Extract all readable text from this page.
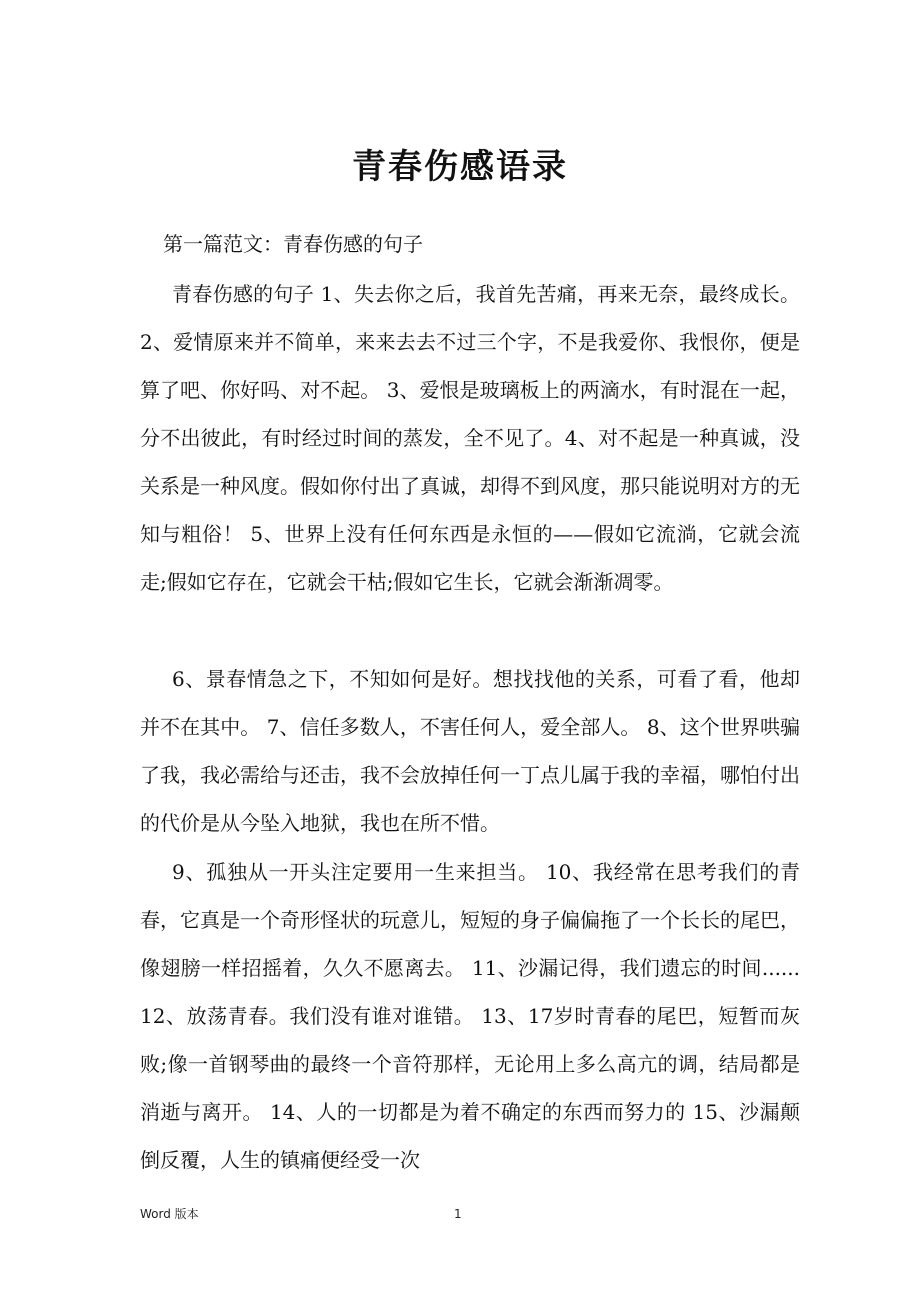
青春伤感语录

第一篇范文：青春伤感的句子

青春伤感的句子 1、失去你之后，我首先苦痛，再来无奈，最终成长。 2、爱情原来并不简单，来来去去不过三个字，不是我爱你、我恨你，便是算了吧、你好吗、对不起。 3、爱恨是玻璃板上的两滴水，有时混在一起，分不出彼此，有时经过时间的蒸发，全不见了。4、对不起是一种真诚，没关系是一种风度。假如你付出了真诚，却得不到风度，那只能说明对方的无知与粗俗！ 5、世界上没有任何东西是永恒的——假如它流淌，它就会流走;假如它存在，它就会干枯;假如它生长，它就会渐渐凋零。

6、景春情急之下，不知如何是好。想找找他的关系，可看了看，他却并不在其中。 7、信任多数人，不害任何人，爱全部人。 8、这个世界哄骗了我，我必需给与还击，我不会放掉任何一丁点儿属于我的幸福，哪怕付出的代价是从今坠入地狱，我也在所不惜。

9、孤独从一开头注定要用一生来担当。 10、我经常在思考我们的青春，它真是一个奇形怪状的玩意儿，短短的身子偏偏拖了一个长长的尾巴，像翅膀一样招摇着，久久不愿离去。 11、沙漏记得，我们遗忘的时间...... 12、放荡青春。我们没有谁对谁错。 13、17岁时青春的尾巴，短暂而灰败;像一首钢琴曲的最终一个音符那样，无论用上多么高亢的调，结局都是消逝与离开。 14、人的一切都是为着不确定的东西而努力的 15、沙漏颠倒反覆，人生的镇痛便经受一次

Word 版本	1
